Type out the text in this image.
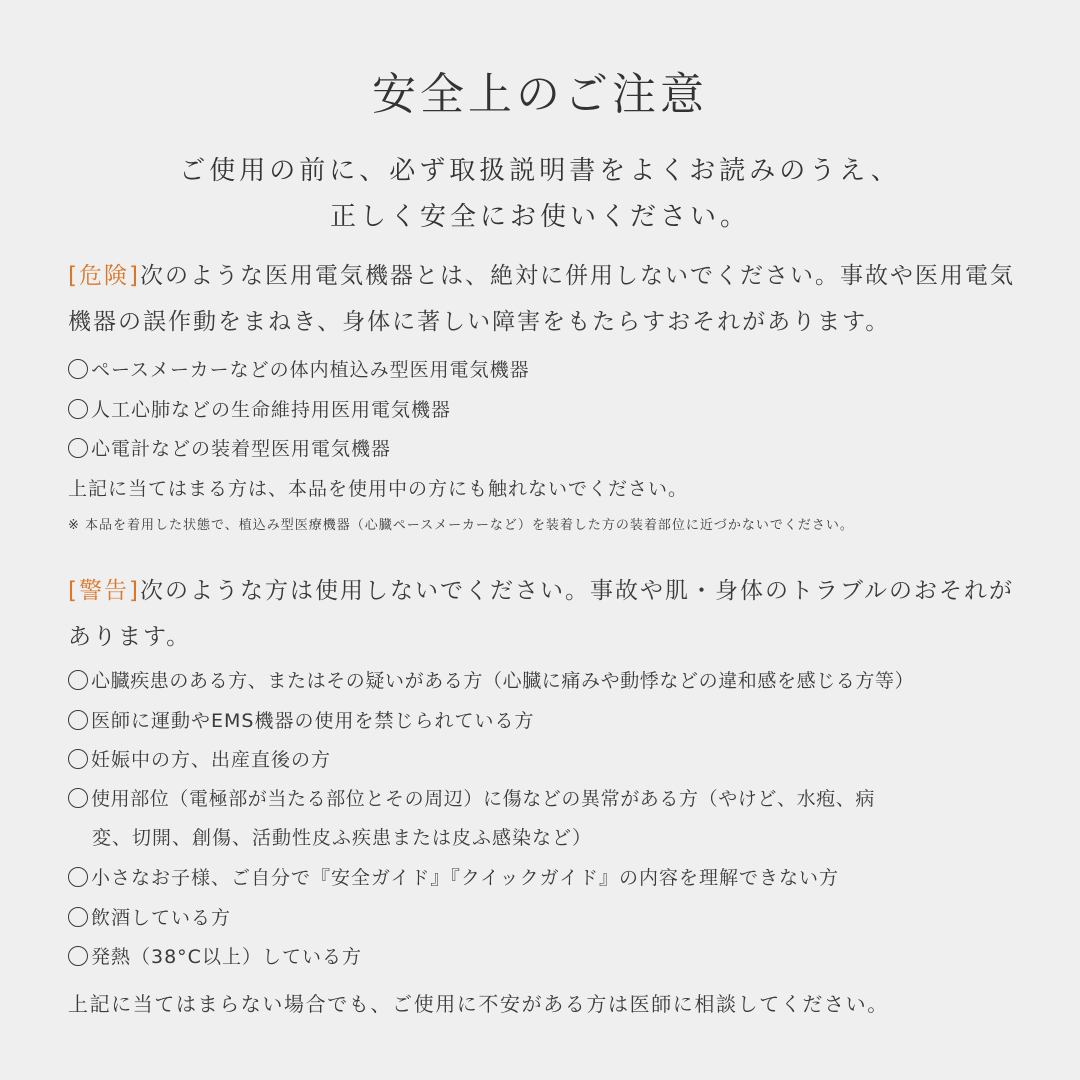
安全上のご注意

ご使用の前に、必ず取扱説明書をよくお読みのうえ、

正しく安全にお使いください。

[危険]次のような医用電気機器とは、絶対に併用しないでください。事故や医用電気機器の誤作動をまねき、身体に著しい障害をもたらすおそれがあります。

ペースメーカーなどの体内植込み型医用電気機器

人工心肺などの生命維持用医用電気機器

心電計などの装着型医用電気機器

上記に当てはまる方は、本品を使用中の方にも触れないでください。

※ 本品を着用した状態で、植込み型医療機器（心臓ペースメーカーなど）を装着した方の装着部位に近づかないでください。

[警告]次のような方は使用しないでください。事故や肌・身体のトラブルのおそれがあります。

心臓疾患のある方、またはその疑いがある方（心臓に痛みや動悸などの違和感を感じる方等）

医師に運動やEMS機器の使用を禁じられている方

妊娠中の方、出産直後の方

使用部位（電極部が当たる部位とその周辺）に傷などの異常がある方（やけど、水疱、病

変、切開、創傷、活動性皮ふ疾患または皮ふ感染など）

小さなお子様、ご自分で『安全ガイド』『クイックガイド』の内容を理解できない方

飲酒している方

発熱（38°C以上）している方

上記に当てはまらない場合でも、ご使用に不安がある方は医師に相談してください。
